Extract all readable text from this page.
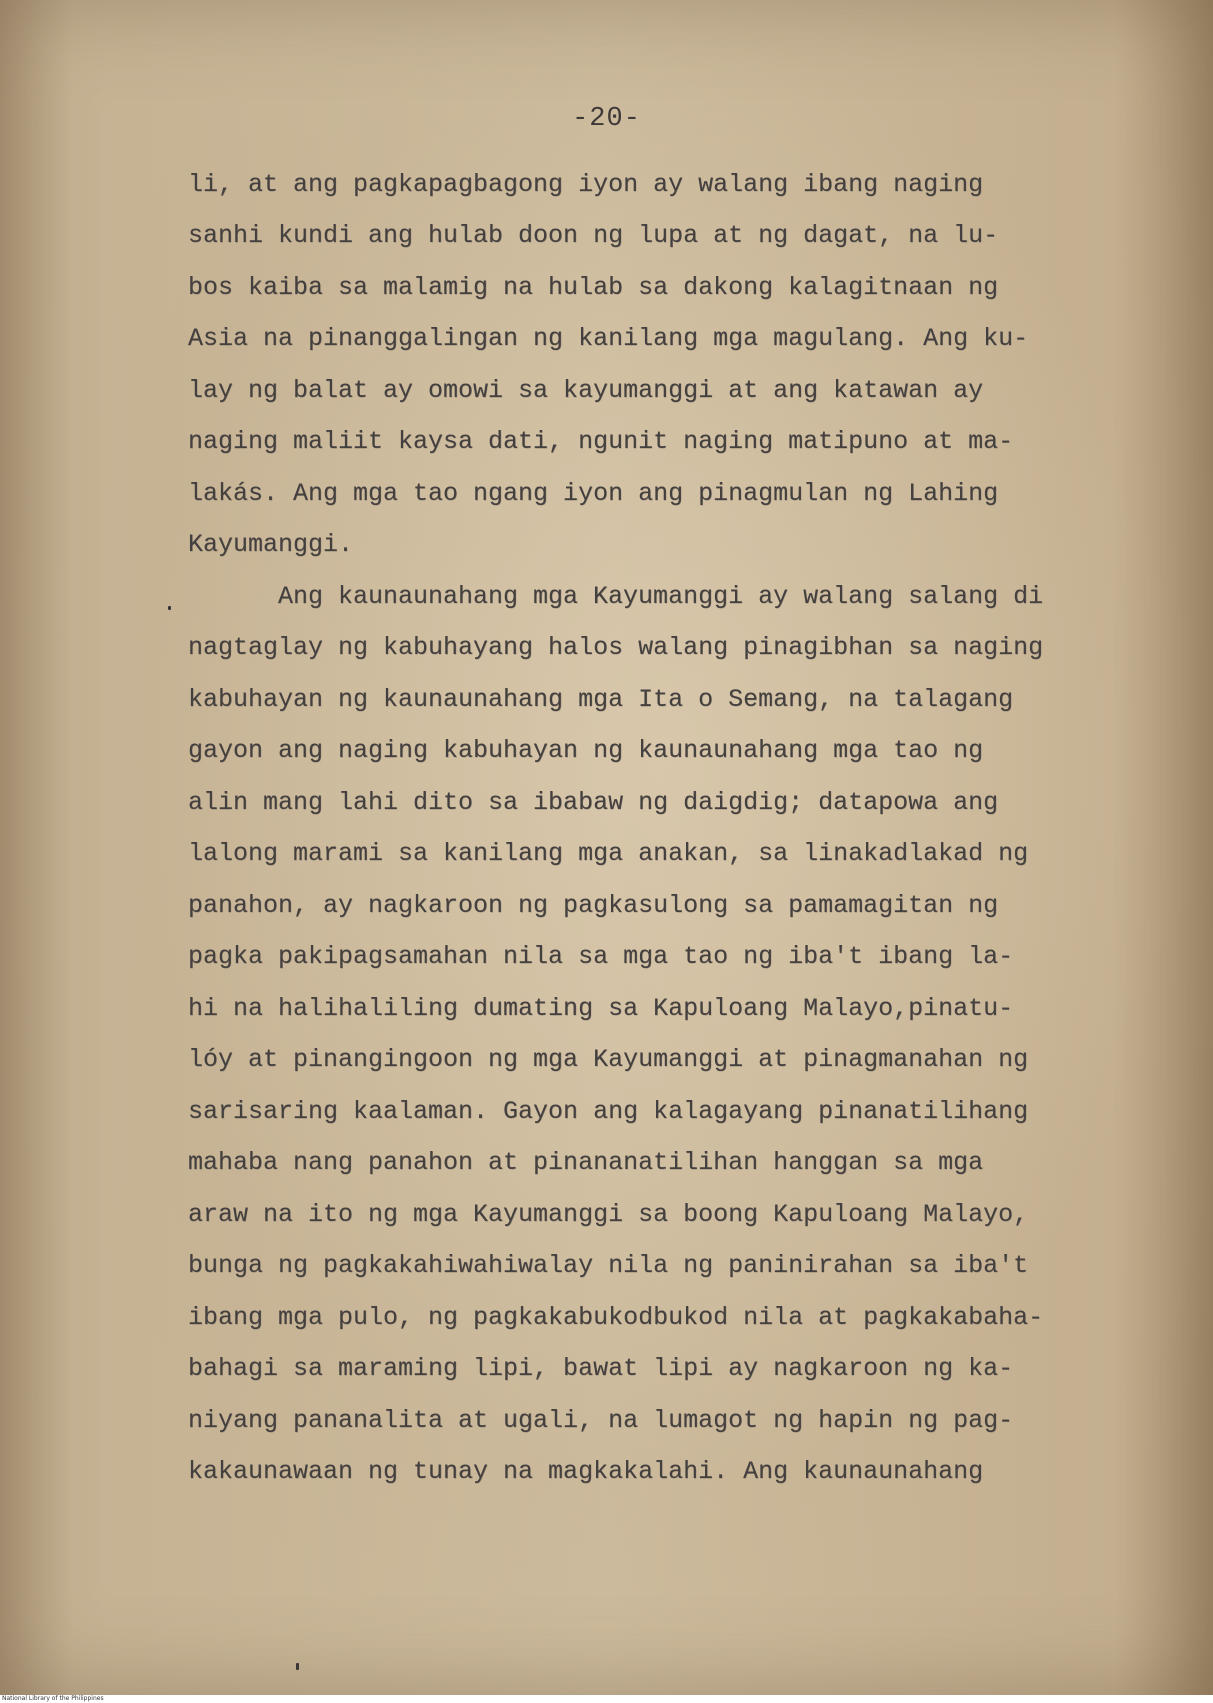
-20-
li, at ang pagkapagbagong iyon ay walang ibang naging
sanhi kundi ang hulab doon ng lupa at ng dagat, na lu-
bos kaiba sa malamig na hulab sa dakong kalagitnaan ng
Asia na pinanggalingan ng kanilang mga magulang. Ang ku-
lay ng balat ay omowi sa kayumanggi at ang katawan ay
naging maliit kaysa dati, ngunit naging matipuno at ma-
lakás. Ang mga tao ngang iyon ang pinagmulan ng Lahing
Kayumanggi.
Ang kaunaunahang mga Kayumanggi ay walang salang di
nagtaglay ng kabuhayang halos walang pinagibhan sa naging
kabuhayan ng kaunaunahang mga Ita o Semang, na talagang
gayon ang naging kabuhayan ng kaunaunahang mga tao ng
alin mang lahi dito sa ibabaw ng daigdig; datapowa ang
lalong marami sa kanilang mga anakan, sa linakadlakad ng
panahon, ay nagkaroon ng pagkasulong sa pamamagitan ng
pagka pakipagsamahan nila sa mga tao ng iba't ibang la-
hi na halihaliling dumating sa Kapuloang Malayo,pinatu-
lóy at pinangingoon ng mga Kayumanggi at pinagmanahan ng
sarisaring kaalaman. Gayon ang kalagayang pinanatilihang
mahaba nang panahon at pinananatilihan hanggan sa mga
araw na ito ng mga Kayumanggi sa boong Kapuloang Malayo,
bunga ng pagkakahiwahiwalay nila ng paninirahan sa iba't
ibang mga pulo, ng pagkakabukodbukod nila at pagkakabaha-
bahagi sa maraming lipi, bawat lipi ay nagkaroon ng ka-
niyang pananalita at ugali, na lumagot ng hapin ng pag-
kakaunawaan ng tunay na magkakalahi. Ang kaunaunahang
National Library of the Philippines
